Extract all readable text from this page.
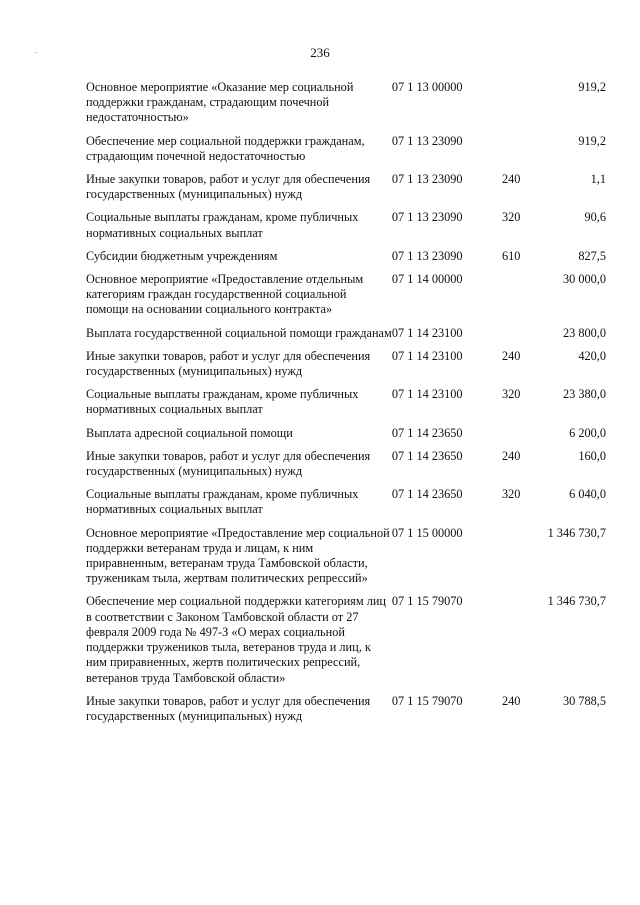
236
Основное мероприятие «Оказание мер социальной поддержки гражданам, страдающим почечной недостаточностью»	07 1 13 00000		919,2
Обеспечение мер социальной поддержки гражданам, страдающим почечной недостаточностью	07 1 13 23090		919,2
Иные закупки товаров, работ и услуг для обеспечения государственных (муниципальных) нужд	07 1 13 23090	240	1,1
Социальные выплаты гражданам, кроме публичных нормативных социальных выплат	07 1 13 23090	320	90,6
Субсидии бюджетным учреждениям	07 1 13 23090	610	827,5
Основное мероприятие «Предоставление отдельным категориям граждан государственной социальной помощи на основании социального контракта»	07 1 14 00000		30 000,0
Выплата государственной социальной помощи гражданам	07 1 14 23100		23 800,0
Иные закупки товаров, работ и услуг для обеспечения государственных (муниципальных) нужд	07 1 14 23100	240	420,0
Социальные выплаты гражданам, кроме публичных нормативных социальных выплат	07 1 14 23100	320	23 380,0
Выплата адресной социальной помощи	07 1 14 23650		6 200,0
Иные закупки товаров, работ и услуг для обеспечения государственных (муниципальных) нужд	07 1 14 23650	240	160,0
Социальные выплаты гражданам, кроме публичных нормативных социальных выплат	07 1 14 23650	320	6 040,0
Основное мероприятие «Предоставление мер социальной поддержки ветеранам труда и лицам, к ним приравненным, ветеранам труда Тамбовской области, труженикам тыла, жертвам политических репрессий»	07 1 15 00000		1 346 730,7
Обеспечение мер социальной поддержки категориям лиц в соответствии с Законом Тамбовской области от 27 февраля 2009 года № 497-З «О мерах социальной поддержки тружеников тыла, ветеранов труда и лиц, к ним приравненных, жертв политических репрессий, ветеранов труда Тамбовской области»	07 1 15 79070		1 346 730,7
Иные закупки товаров, работ и услуг для обеспечения государственных (муниципальных) нужд	07 1 15 79070	240	30 788,5
